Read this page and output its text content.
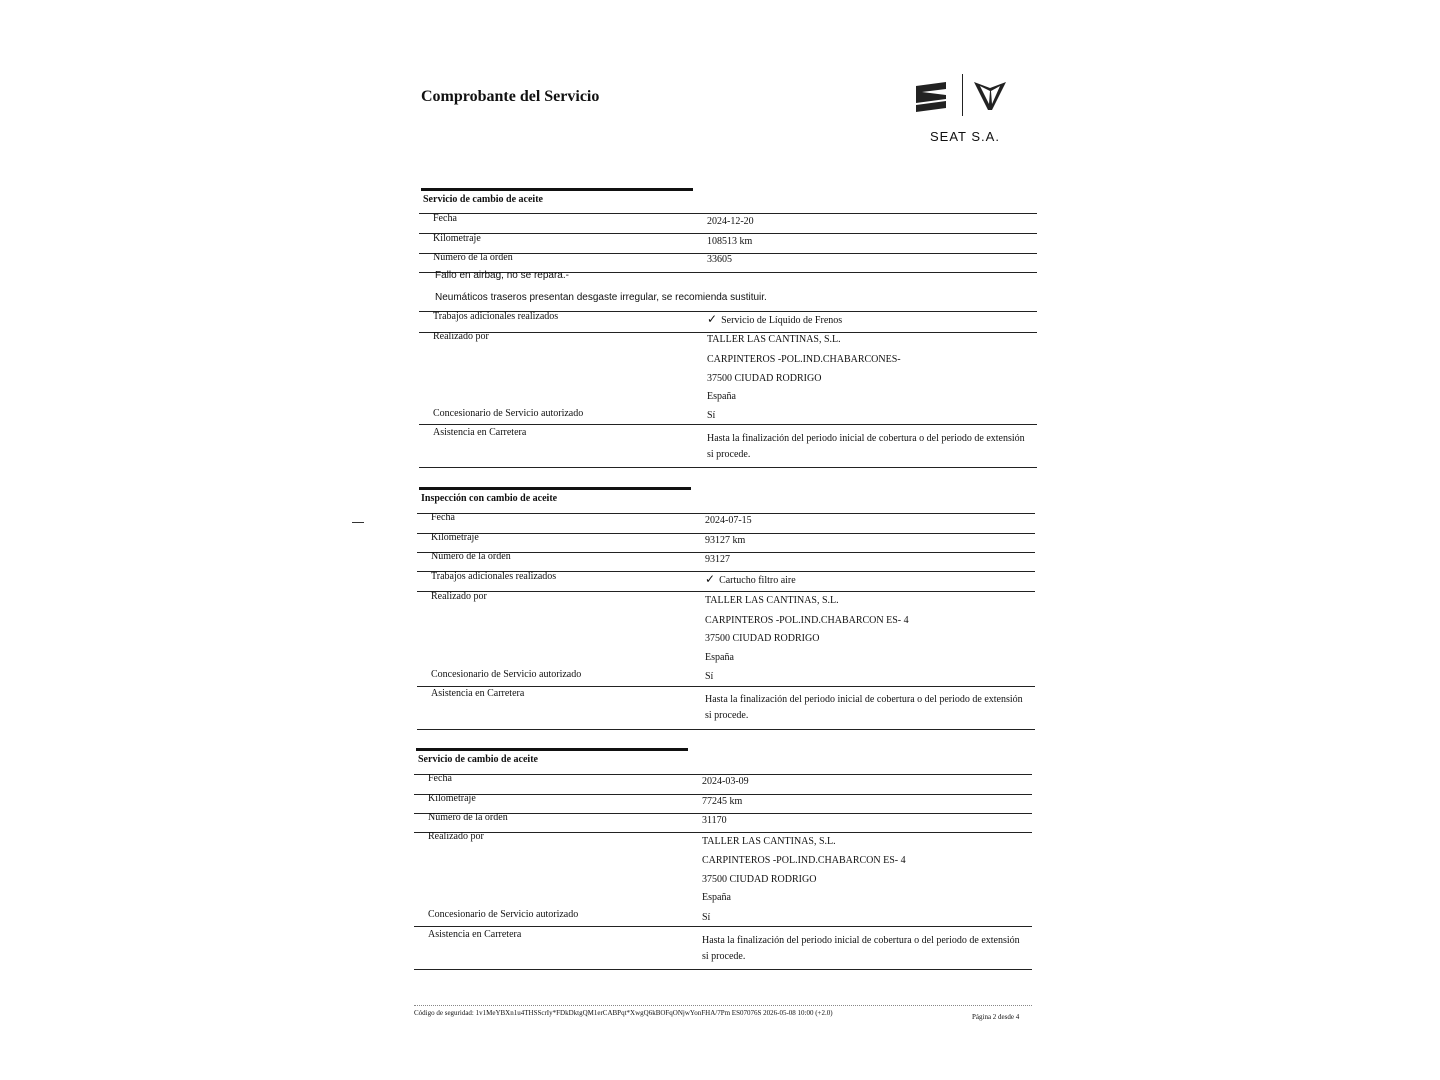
Comprobante del Servicio
SEAT S.A.
Servicio de cambio de aceite
Fecha	2024-12-20
Kilometraje	108513 km
Número de la orden	33605
Fallo en airbag, no se repara.-
Neumáticos traseros presentan desgaste irregular, se recomienda sustituir.
Trabajos adicionales realizados	✓ Servicio de Líquido de Frenos
Realizado por	TALLER LAS CANTINAS, S.L.
CARPINTEROS -POL.IND.CHABARCONES-
37500 CIUDAD RODRIGO
España
Concesionario de Servicio autorizado	Sí
Asistencia en Carretera
Hasta la finalización del periodo inicial de cobertura o del periodo de extensión
si procede.
Inspección con cambio de aceite
Fecha	2024-07-15
Kilometraje	93127 km
Número de la orden	93127
Trabajos adicionales realizados	✓ Cartucho filtro aire
Realizado por	TALLER LAS CANTINAS, S.L.
CARPINTEROS -POL.IND.CHABARCON ES- 4
37500 CIUDAD RODRIGO
España
Concesionario de Servicio autorizado	Sí
Asistencia en Carretera
Hasta la finalización del periodo inicial de cobertura o del periodo de extensión
si procede.
Servicio de cambio de aceite
Fecha	2024-03-09
Kilometraje	77245 km
Número de la orden	31170
Realizado por	TALLER LAS CANTINAS, S.L.
CARPINTEROS -POL.IND.CHABARCON ES- 4
37500 CIUDAD RODRIGO
España
Concesionario de Servicio autorizado	Sí
Asistencia en Carretera
Hasta la finalización del periodo inicial de cobertura o del periodo de extensión
si procede.
Código de seguridad: 1v1MeYBXn1u4THSScrIy*FDkDktgQM1erCABPqt*XwgQ6kBOFqONjwYonFHA/7Pm ES07076S 2026-05-08 10:00 (+2.0)	Página 2 desde 4
